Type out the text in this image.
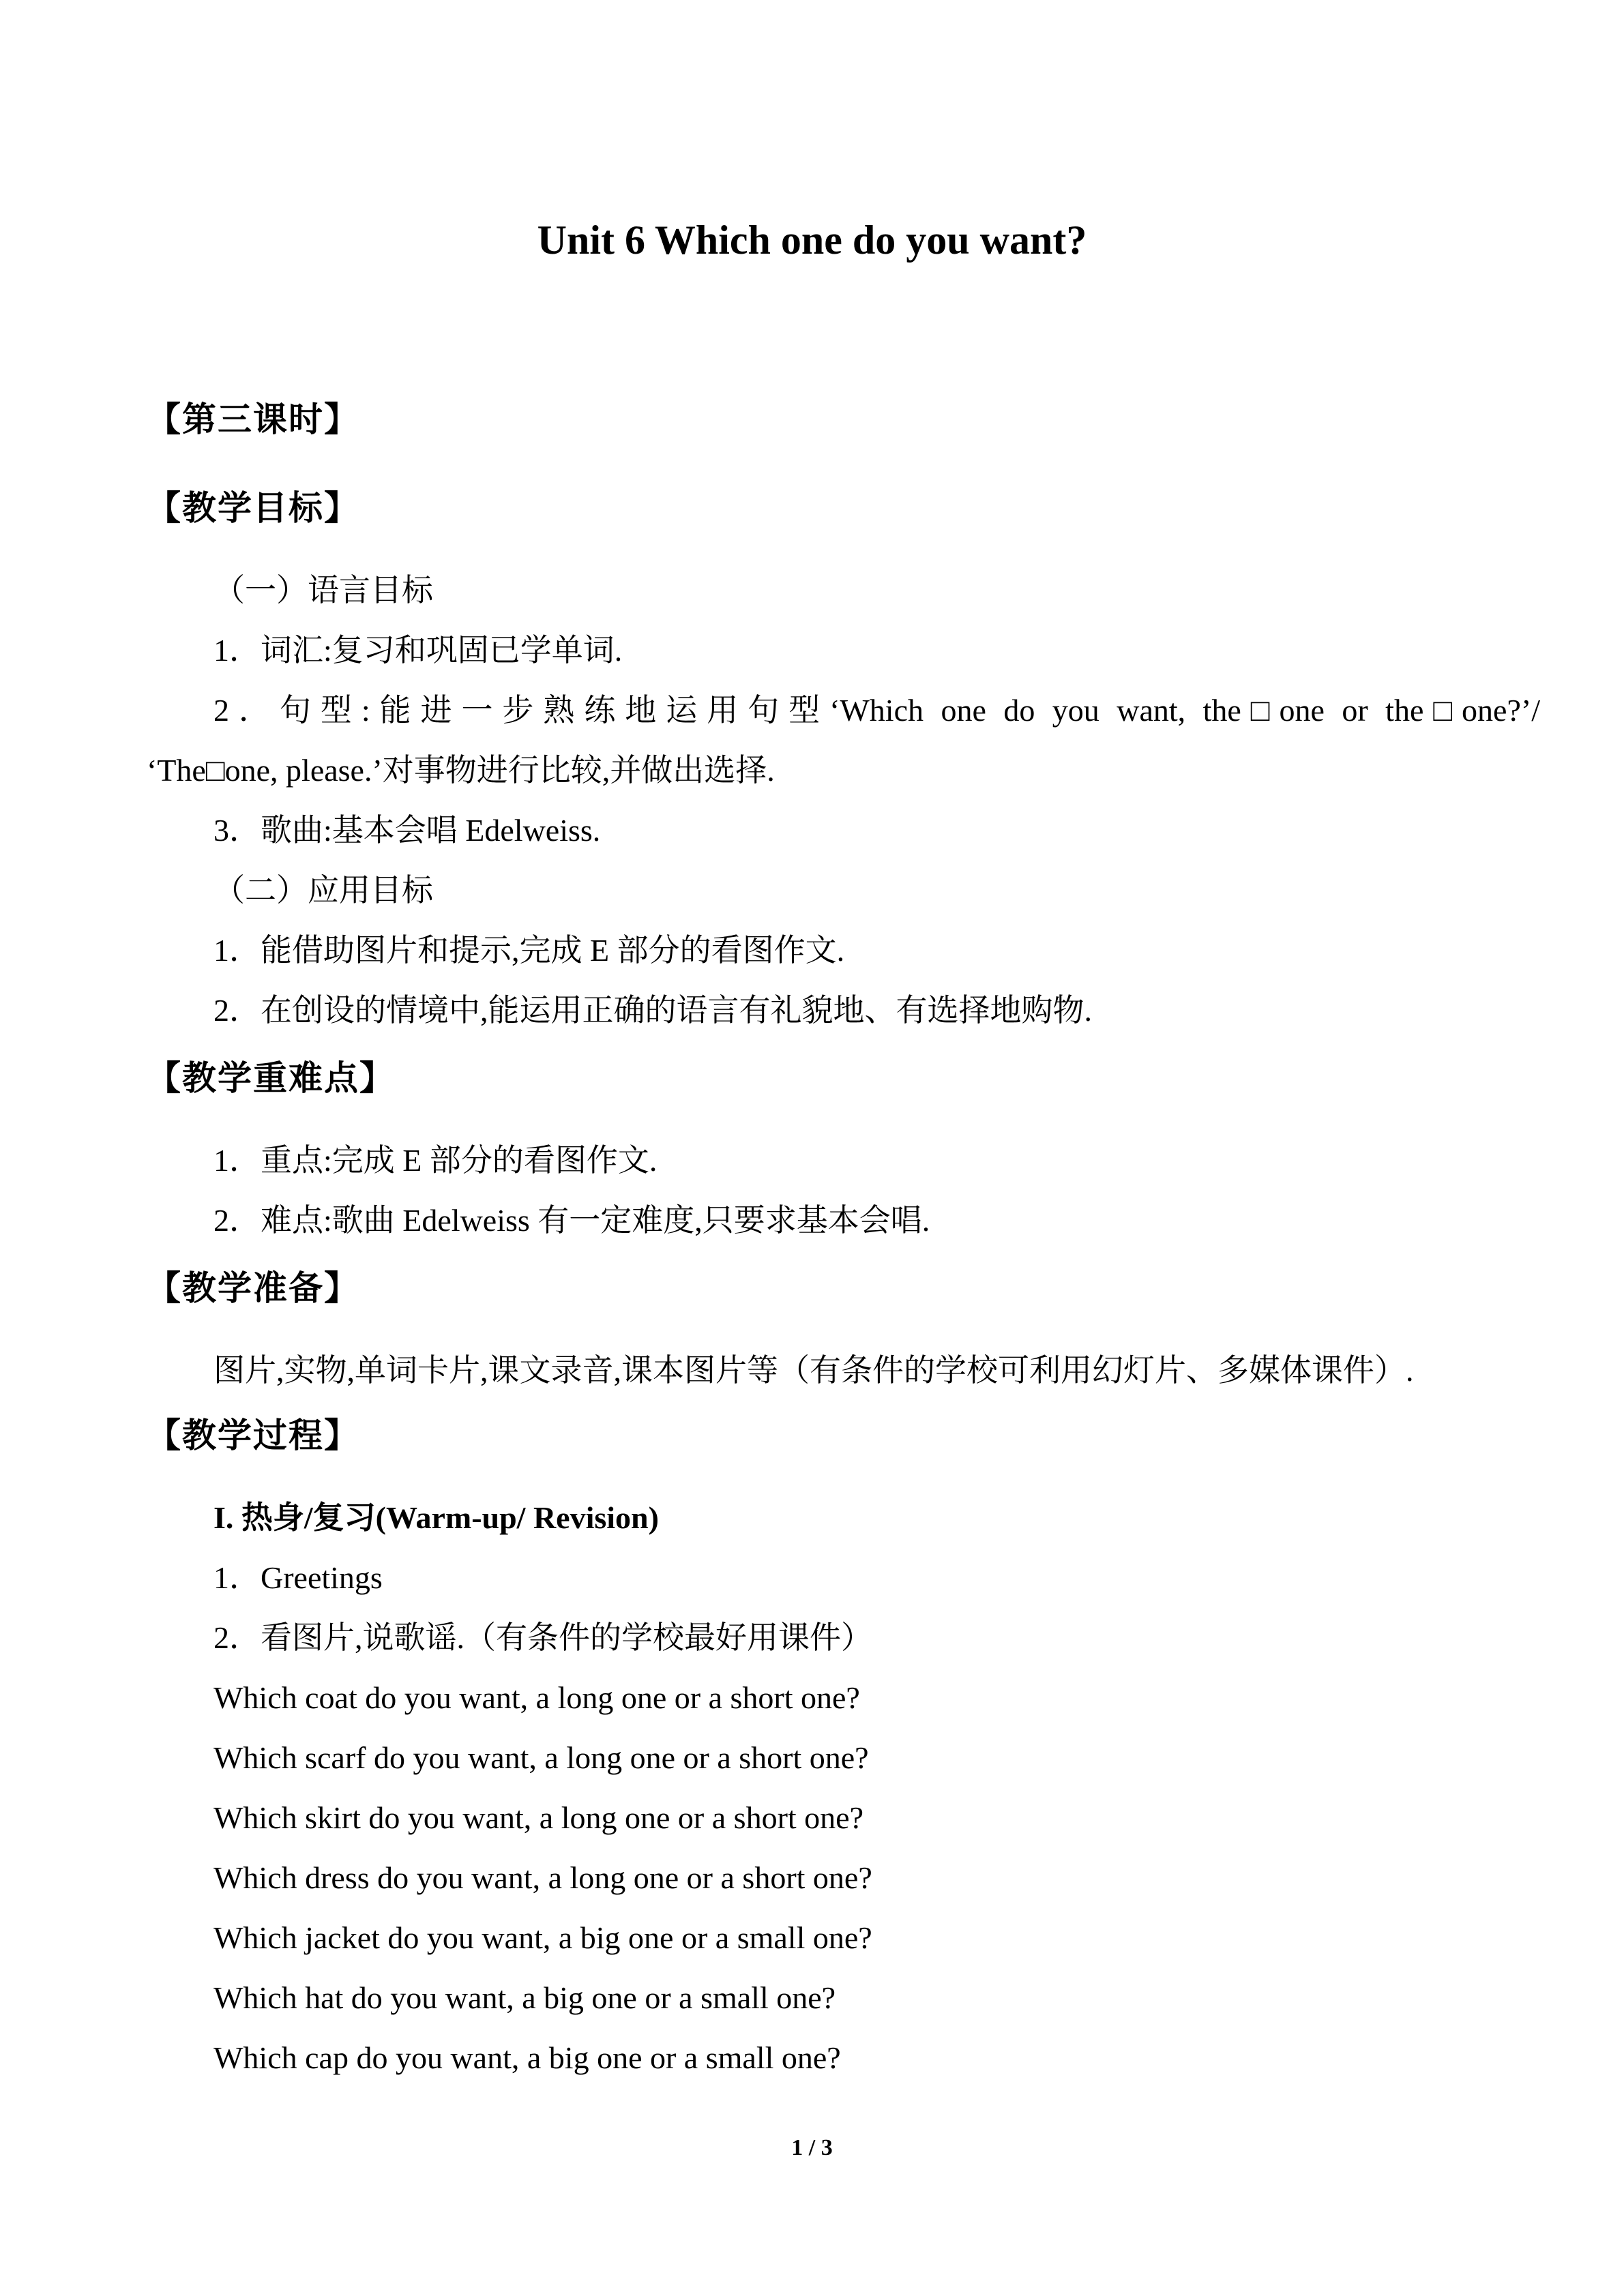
Unit 6 Which one do you want?
【第三课时】
【教学目标】
（一）语言目标
1．词汇:复习和巩固已学单词.
2．句型:能进一步熟练地运用句型‘Which one do you want, the□one or the□one?’/
‘The□one, please.’对事物进行比较,并做出选择.
3．歌曲:基本会唱 Edelweiss.
（二）应用目标
1．能借助图片和提示,完成 E 部分的看图作文.
2．在创设的情境中,能运用正确的语言有礼貌地、有选择地购物.
【教学重难点】
1．重点:完成 E 部分的看图作文.
2．难点:歌曲 Edelweiss 有一定难度,只要求基本会唱.
【教学准备】
图片,实物,单词卡片,课文录音,课本图片等（有条件的学校可利用幻灯片、多媒体课件）.
【教学过程】
I. 热身/复习(Warm-up/ Revision)
1．Greetings
2．看图片,说歌谣.（有条件的学校最好用课件）
Which coat do you want, a long one or a short one?
Which scarf do you want, a long one or a short one?
Which skirt do you want, a long one or a short one?
Which dress do you want, a long one or a short one?
Which jacket do you want, a big one or a small one?
Which hat do you want, a big one or a small one?
Which cap do you want, a big one or a small one?
1 / 3
